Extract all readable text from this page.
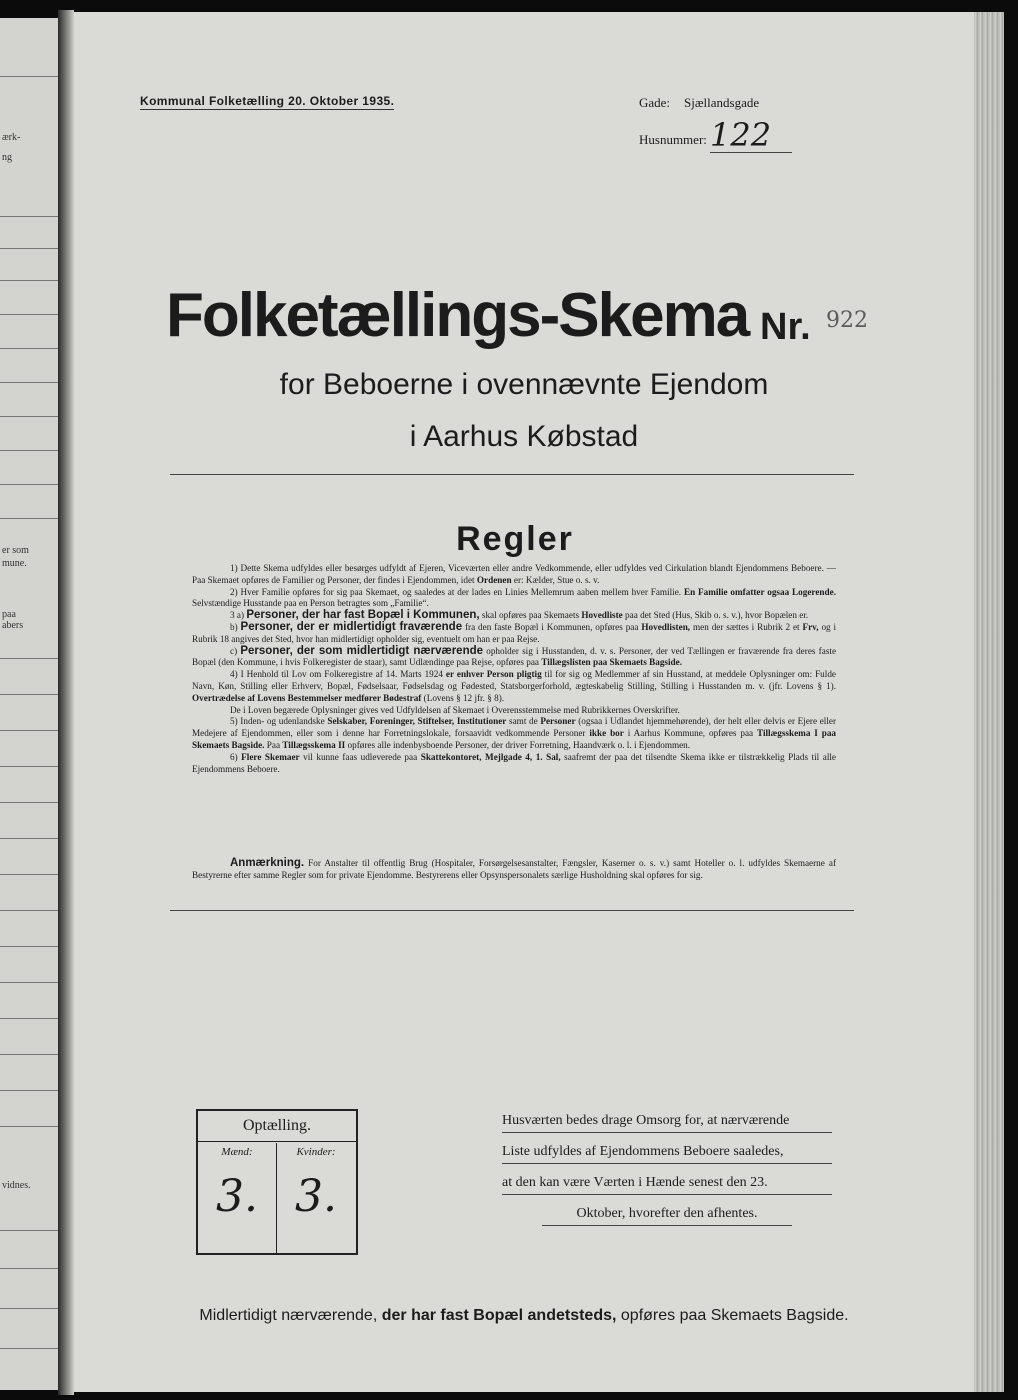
ærk-
ng
er som
mune.
paa
abers
vidnes.
Kommunal Folketælling 20. Oktober 1935.	Gade: Sjællandsgade
Husnummer: 122
Folketællings-Skema Nr. 922
for Beboerne i ovennævnte Ejendom
i Aarhus Købstad
Regler

1) Dette Skema udfyldes eller besørges udfyldt af Ejeren, Viceværten eller andre Vedkommende, eller udfyldes ved Cirkulation blandt Ejendommens Beboere. — Paa Skemaet opføres de Familier og Personer, der findes i Ejendommen, idet Ordenen er: Kælder, Stue o. s. v.

2) Hver Familie opføres for sig paa Skemaet, og saaledes at der lades en Linies Mellemrum aaben mellem hver Familie. En Familie omfatter ogsaa Logerende. Selvstændige Husstande paa en Person betragtes som „Familie“.

3 a) Personer, der har fast Bopæl i Kommunen, skal opføres paa Skemaets Hovedliste paa det Sted (Hus, Skib o. s. v.), hvor Bopælen er.

b) Personer, der er midlertidigt fraværende fra den faste Bopæl i Kommunen, opføres paa Hovedlisten, men der sættes i Rubrik 2 et Frv, og i Rubrik 18 angives det Sted, hvor han midlertidigt opholder sig, eventuelt om han er paa Rejse.

c) Personer, der som midlertidigt nærværende opholder sig i Husstanden, d. v. s. Personer, der ved Tællingen er fraværende fra deres faste Bopæl (den Kommune, i hvis Folkeregister de staar), samt Udlændinge paa Rejse, opføres paa Tillægslisten paa Skemaets Bagside.

4) I Henhold til Lov om Folkeregistre af 14. Marts 1924 er enhver Person pligtig til for sig og Medlemmer af sin Husstand, at meddele Oplysninger om: Fulde Navn, Køn, Stilling eller Erhverv, Bopæl, Fødselsaar, Fødselsdag og Fødested, Statsborgerforhold, ægteskabelig Stilling, Stilling i Husstanden m. v. (jfr. Lovens § 1). Overtrædelse af Lovens Bestemmelser medfører Bødestraf (Lovens § 12 jfr. § 8).

De i Loven begærede Oplysninger gives ved Udfyldelsen af Skemaet i Overensstemmelse med Rubrikkernes Overskrifter.

5) Inden- og udenlandske Selskaber, Foreninger, Stiftelser, Institutioner samt de Personer (ogsaa i Udlandet hjemmehørende), der helt eller delvis er Ejere eller Medejere af Ejendommen, eller som i denne har Forretningslokale, forsaavidt vedkommende Personer ikke bor i Aarhus Kommune, opføres paa Tillægsskema I paa Skemaets Bagside. Paa Tillægsskema II opføres alle indenbysboende Personer, der driver Forretning, Haandværk o. l. i Ejendommen.

6) Flere Skemaer vil kunne faas udleverede paa Skattekontoret, Mejlgade 4, 1. Sal, saafremt der paa det tilsendte Skema ikke er tilstrækkelig Plads til alle Ejendommens Beboere.

Anmærkning. For Anstalter til offentlig Brug (Hospitaler, Forsørgelsesanstalter, Fængsler, Kaserner o. s. v.) samt Hoteller o. l. udfyldes Skemaerne af Bestyrerne efter samme Regler som for private Ejendomme. Bestyrerens eller Opsynspersonalets særlige Husholdning skal opføres for sig.

Optælling.
Mænd:
3.
Kvinder:
3.
Husværten bedes drage Omsorg for, at nærværende
Liste udfyldes af Ejendommens Beboere saaledes,
at den kan være Værten i Hænde senest den 23.
Oktober, hvorefter den afhentes.
Midlertidigt nærværende, der har fast Bopæl andetsteds, opføres paa Skemaets Bagside.
